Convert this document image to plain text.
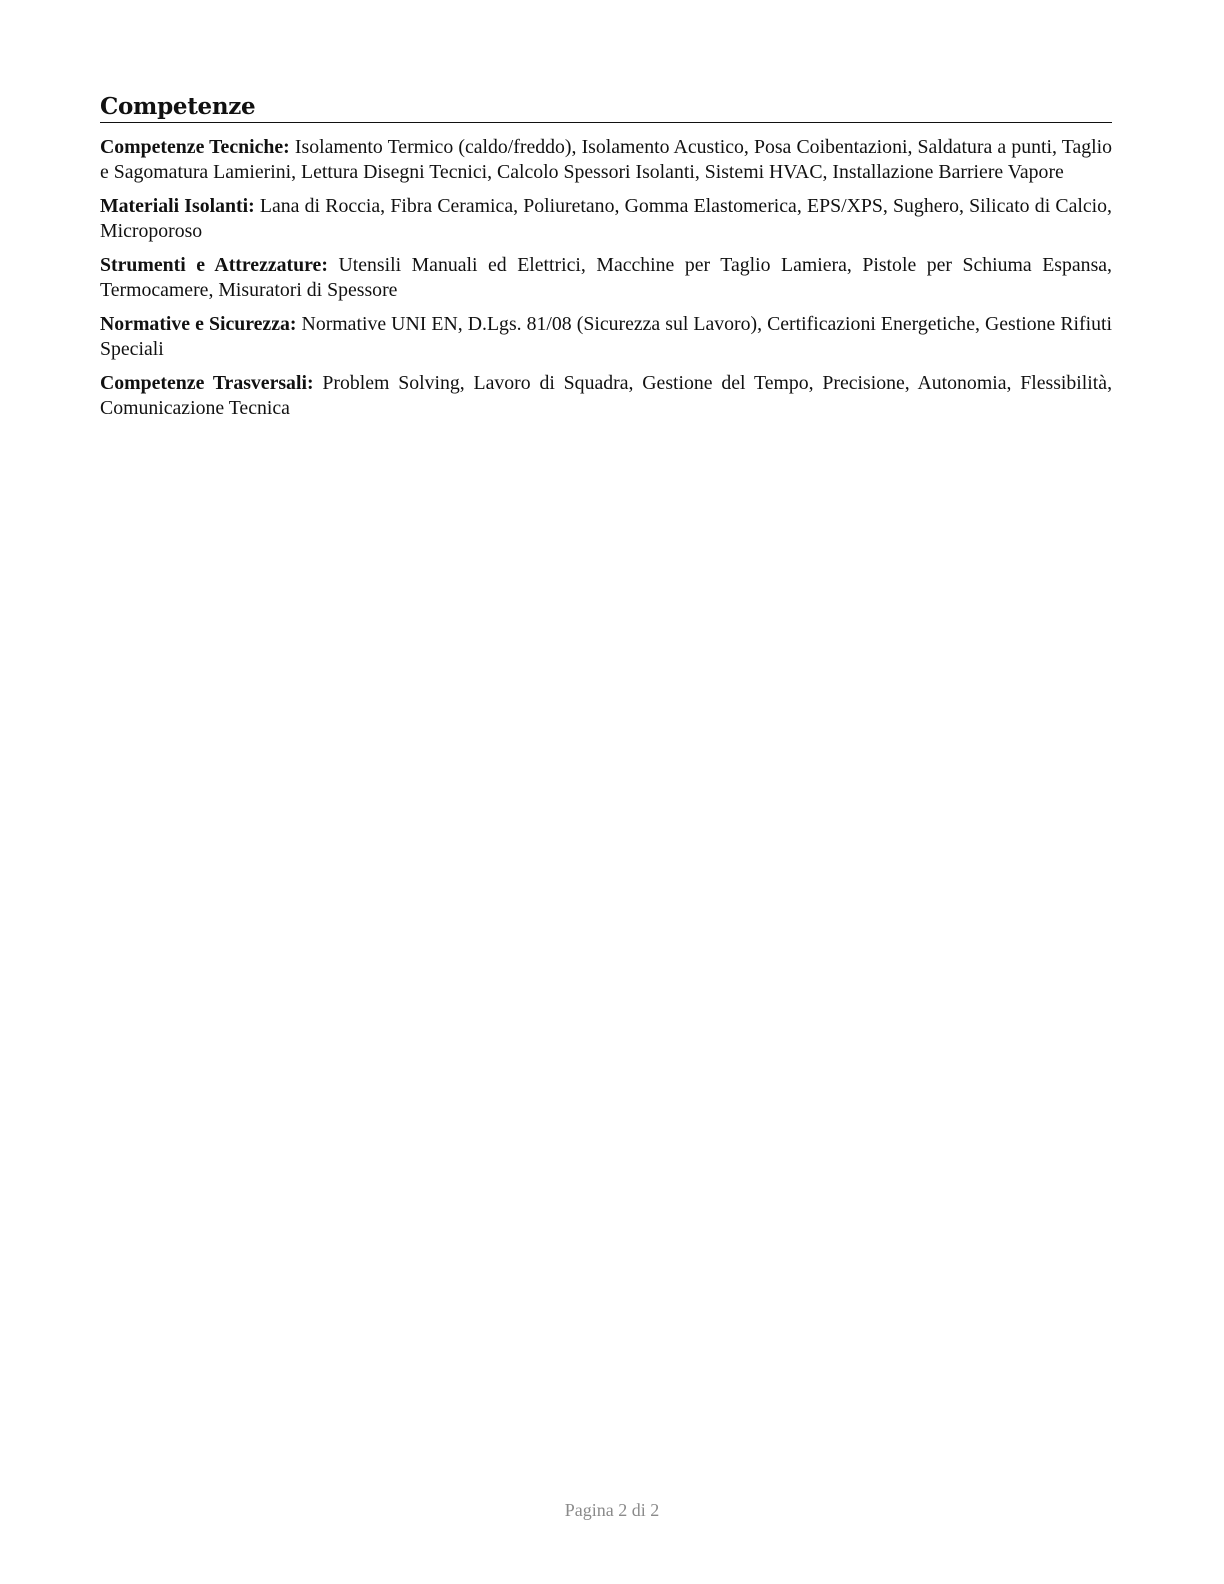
Competenze

Competenze Tecniche: Isolamento Termico (caldo/freddo), Isolamento Acustico, Posa Coibentazioni, Saldatura a punti, Taglio e Sagomatura Lamierini, Lettura Disegni Tecnici, Calcolo Spessori Isolanti, Sistemi HVAC, Installazione Barriere Vapore

Materiali Isolanti: Lana di Roccia, Fibra Ceramica, Poliuretano, Gomma Elastomerica, EPS/XPS, Sughero, Silicato di Calcio, Microporoso

Strumenti e Attrezzature: Utensili Manuali ed Elettrici, Macchine per Taglio Lamiera, Pistole per Schiuma Espansa, Termocamere, Misuratori di Spessore

Normative e Sicurezza: Normative UNI EN, D.Lgs. 81/08 (Sicurezza sul Lavoro), Certificazioni Energetiche, Gestione Rifiuti Speciali

Competenze Trasversali: Problem Solving, Lavoro di Squadra, Gestione del Tempo, Precisione, Autonomia, Flessibilità, Comunicazione Tecnica

Pagina 2 di 2
